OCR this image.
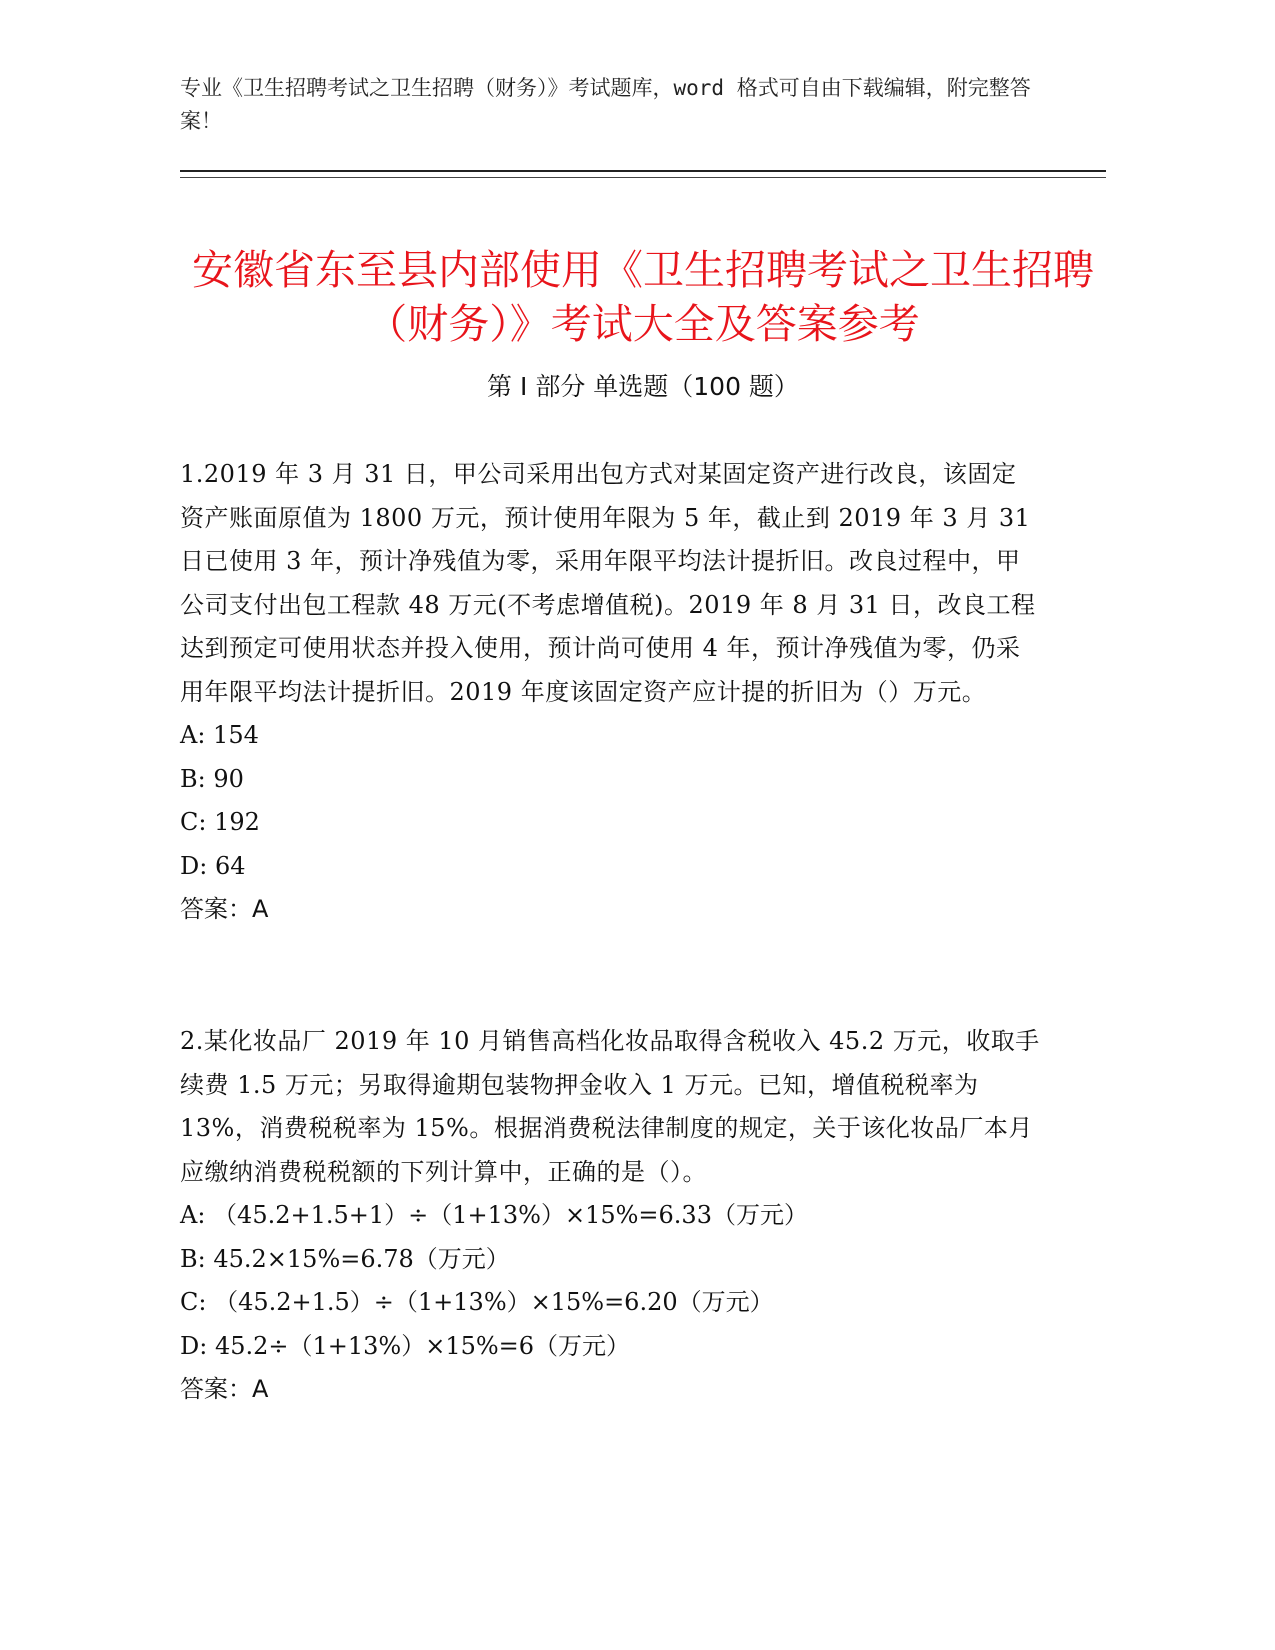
专业《卫生招聘考试之卫生招聘（财务）》考试题库，word 格式可自由下载编辑，附完整答案！
安徽省东至县内部使用《卫生招聘考试之卫生招聘（财务）》考试大全及答案参考
第 I 部分 单选题（100 题）

1.2019 年 3 月 31 日，甲公司采用出包方式对某固定资产进行改良，该固定资产账面原值为 1800 万元，预计使用年限为 5 年，截止到 2019 年 3 月 31 日已使用 3 年，预计净残值为零，采用年限平均法计提折旧。改良过程中，甲公司支付出包工程款 48 万元(不考虑增值税)。2019 年 8 月 31 日，改良工程达到预定可使用状态并投入使用，预计尚可使用 4 年，预计净残值为零，仍采用年限平均法计提折旧。2019 年度该固定资产应计提的折旧为（）万元。

A: 154

B: 90

C: 192

D: 64

答案：A

2.某化妆品厂 2019 年 10 月销售高档化妆品取得含税收入 45.2 万元，收取手续费 1.5 万元；另取得逾期包装物押金收入 1 万元。已知，增值税税率为 13%，消费税税率为 15%。根据消费税法律制度的规定，关于该化妆品厂本月应缴纳消费税税额的下列计算中，正确的是（）。

A: （45.2+1.5+1）÷（1+13%）×15%=6.33（万元）

B: 45.2×15%=6.78（万元）

C: （45.2+1.5）÷（1+13%）×15%=6.20（万元）

D: 45.2÷（1+13%）×15%=6（万元）

答案：A
